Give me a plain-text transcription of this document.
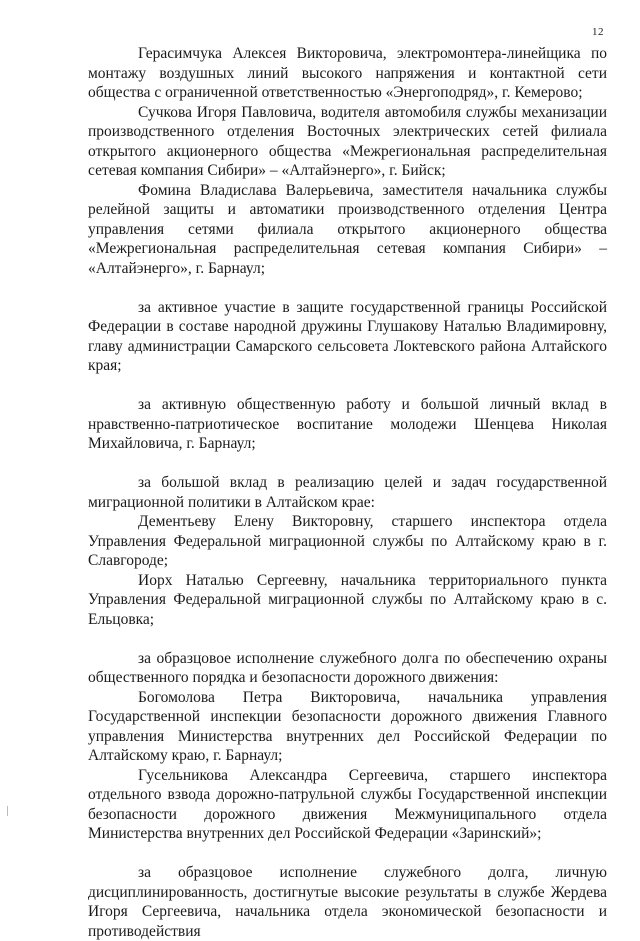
12

Герасимчука Алексея Викторовича, электромонтера-линейщика по монтажу воздушных линий высокого напряжения и контактной сети общества с ограниченной ответственностью «Энергоподряд», г. Кемерово;

Сучкова Игоря Павловича, водителя автомобиля службы механизации производственного отделения Восточных электрических сетей филиала открытого акционерного общества «Межрегиональная распределительная сетевая компания Сибири» – «Алтайэнерго», г. Бийск;

Фомина Владислава Валерьевича, заместителя начальника службы релейной защиты и автоматики производственного отделения Центра управления сетями филиала открытого акционерного общества «Межрегиональная распределительная сетевая компания Сибири» – «Алтайэнерго», г. Барнаул;

за активное участие в защите государственной границы Российской Федерации в составе народной дружины Глушакову Наталью Владимировну, главу администрации Самарского сельсовета Локтевского района Алтайского края;

за активную общественную работу и большой личный вклад в нравственно-патриотическое воспитание молодежи Шенцева Николая Михайловича, г. Барнаул;

за большой вклад в реализацию целей и задач государственной миграционной политики в Алтайском крае:

Дементьеву Елену Викторовну, старшего инспектора отдела Управления Федеральной миграционной службы по Алтайскому краю в г. Славгороде;

Иорх Наталью Сергеевну, начальника территориального пункта Управления Федеральной миграционной службы по Алтайскому краю в с. Ельцовка;

за образцовое исполнение служебного долга по обеспечению охраны общественного порядка и безопасности дорожного движения:

Богомолова Петра Викторовича, начальника управления Государственной инспекции безопасности дорожного движения Главного управления Министерства внутренних дел Российской Федерации по Алтайскому краю, г. Барнаул;

Гусельникова Александра Сергеевича, старшего инспектора отдельного взвода дорожно-патрульной службы Государственной инспекции безопасности дорожного движения Межмуниципального отдела Министерства внутренних дел Российской Федерации «Заринский»;

за образцовое исполнение служебного долга, личную дисциплинированность, достигнутые высокие результаты в службе Жердева Игоря Сергеевича, начальника отдела экономической безопасности и противодействия
